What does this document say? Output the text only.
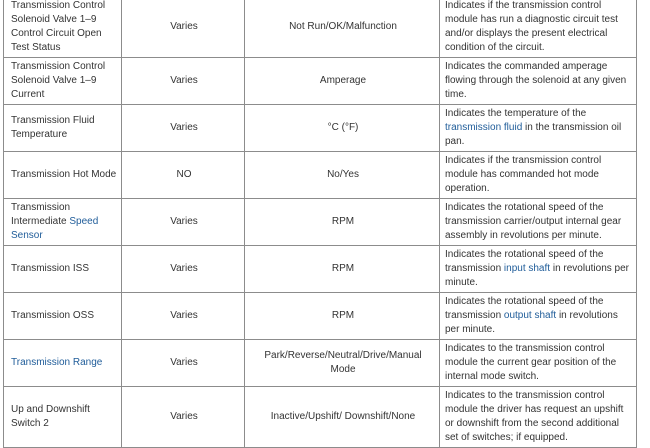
Transmission Control Solenoid Valve 1–9 Control Circuit Open Test Status	Varies	Not Run/OK/Malfunction	Indicates if the transmission control module has run a diagnostic circuit test and/or displays the present electrical condition of the circuit.
Transmission Control Solenoid Valve 1–9 Current	Varies	Amperage	Indicates the commanded amperage flowing through the solenoid at any given time.
Transmission Fluid Temperature	Varies	°C (°F)	Indicates the temperature of the transmission fluid in the transmission oil pan.
Transmission Hot Mode	NO	No/Yes	Indicates if the transmission control module has commanded hot mode operation.
Transmission Intermediate Speed Sensor	Varies	RPM	Indicates the rotational speed of the transmission carrier/output internal gear assembly in revolutions per minute.
Transmission ISS	Varies	RPM	Indicates the rotational speed of the transmission input shaft in revolutions per minute.
Transmission OSS	Varies	RPM	Indicates the rotational speed of the transmission output shaft in revolutions per minute.
Transmission Range	Varies	Park/Reverse/Neutral/Drive/Manual Mode	Indicates to the transmission control module the current gear position of the internal mode switch.
Up and Downshift Switch 2	Varies	Inactive/Upshift/ Downshift/None	Indicates to the transmission control module the driver has request an upshift or downshift from the second additional set of switches; if equipped.
